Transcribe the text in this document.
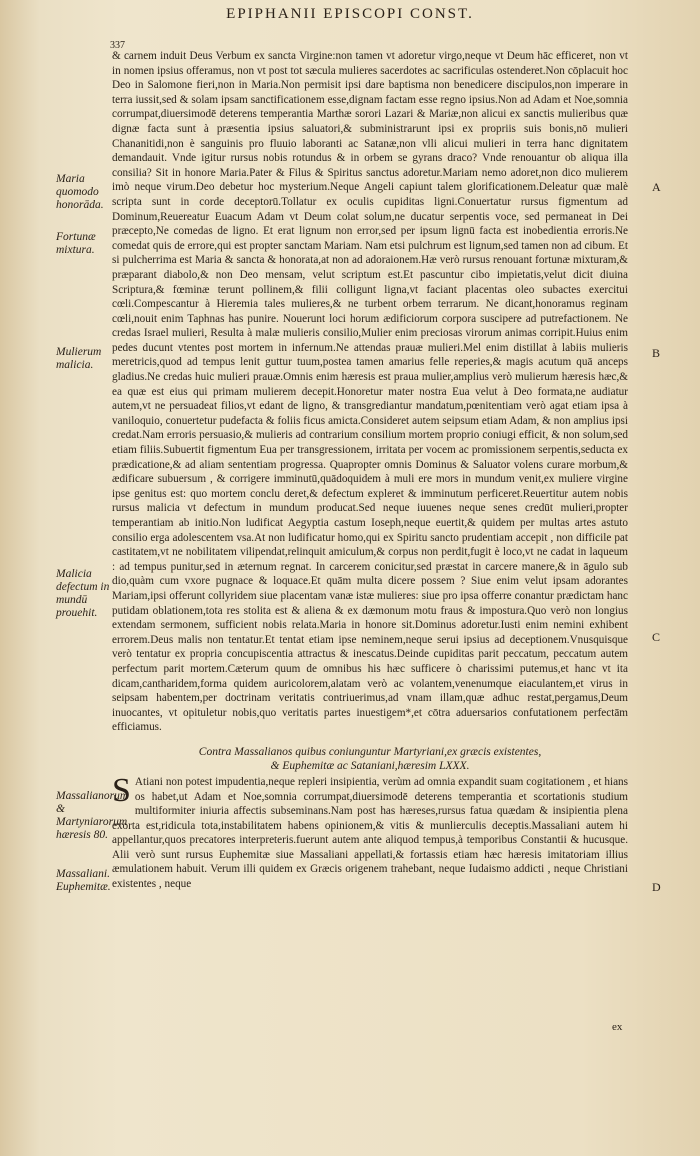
EPIPHANII EPISCOPI CONST.
337
Maria quomodo honorāda.
Fortunæ mixtura.
Mulierum malicia.
Malicia defectum in mundū prouehit.
Massalianorum & Martyniarorum hæresis 80.
Massaliani. Euphemitæ.
A
B
C
D

& carnem induit Deus Verbum ex sancta Virgine:non tamen vt adoretur virgo,neque vt Deum hāc efficeret, non vt in nomen ipsius offeramus, non vt post tot sæcula mulieres sacerdotes ac sacrificulas ostenderet.Non cōplacuit hoc Deo in Salomone fieri,non in Maria.Non permisit ipsi dare baptisma non benedicere discipulos,non imperare in terra iussit,sed & solam ipsam sanctificationem esse,dignam factam esse regno ipsius.Non ad Adam et Noe,somnia corrumpat,diuersimodē deterens temperantia Marthæ sorori Lazari & Mariæ,non alicui ex sanctis mulieribus quæ dignæ facta sunt à præsentia ipsius saluatori,& subministrarunt ipsi ex propriis suis bonis,nō mulieri Chananitidi,non è sanguinis pro fluuio laboranti ac Satanæ,non vlli alicui mulieri in terra hanc dignitatem demandauit. Vnde igitur rursus nobis rotundus & in orbem se gyrans draco? Vnde renouantur ob aliqua illa consilia? Sit in honore Maria.Pater & Filus & Spiritus sanctus adoretur.Mariam nemo adoret,non dico mulierem imò neque virum.Deo debetur hoc mysterium.Neque Angeli capiunt talem glorificationem.Deleatur quæ malè scripta sunt in corde deceptorū.Tollatur ex oculis cupiditas ligni.Conuertatur rursus figmentum ad Dominum,Reuereatur Euacum Adam vt Deum colat solum,ne ducatur serpentis voce, sed permaneat in Dei præcepto,Ne comedas de ligno. Et erat lignum non error,sed per ipsum lignū facta est inobedientia erroris.Ne comedat quis de errore,qui est propter sanctam Mariam. Nam etsi pulchrum est lignum,sed tamen non ad cibum. Et si pulcherrima est Maria & sancta & honorata,at non ad adoraionem.Hæ verò rursus renouant fortunæ mixturam,& præparant diabolo,& non Deo mensam, velut scriptum est.Et pascuntur cibo impietatis,velut dicit diuina Scriptura,& fœminæ terunt pollinem,& filii colligunt ligna,vt faciant placentas oleo subactes exercitui cœli.Compescantur à Hieremia tales mulieres,& ne turbent orbem terrarum. Ne dicant,honoramus reginam cœli,nouit enim Taphnas has punire. Nouerunt loci horum ædificiorum corpora suscipere ad putrefactionem. Ne credas Israel mulieri, Resulta à malæ mulieris consilio,Mulier enim preciosas virorum animas corripit.Huius enim pedes ducunt vtentes post mortem in infernum.Ne attendas prauæ mulieri.Mel enim distillat à labiis mulieris meretricis,quod ad tempus lenit guttur tuum,postea tamen amarius felle reperies,& magis acutum quā anceps gladius.Ne credas huic mulieri prauæ.Omnis enim hæresis est praua mulier,amplius verò mulierum hæresis hæc,& ea quæ est eius qui primam mulierem decepit.Honoretur mater nostra Eua velut à Deo formata,ne audiatur autem,vt ne persuadeat filios,vt edant de ligno, & transgrediantur mandatum,pœnitentiam verò agat etiam ipsa à vaniloquio, conuertetur pudefacta & foliis ficus amicta.Consideret autem seipsum etiam Adam, & non amplius ipsi credat.Nam erroris persuasio,& mulieris ad contrarium consilium mortem proprio coniugi efficit, & non solum,sed etiam filiis.Subuertit figmentum Eua per transgressionem, irritata per vocem ac promissionem serpentis,seducta ex prædicatione,& ad aliam sententiam progressa. Quapropter omnis Dominus & Saluator volens curare morbum,& ædificare subuersum , & corrigere imminutū,quādoquidem à muli ere mors in mundum venit,ex muliere virgine ipse genitus est: quo mortem conclu deret,& defectum expleret & imminutum perficeret.Reuertitur autem nobis rursus malicia vt defectum in mundum producat.Sed neque iuuenes neque senes credūt mulieri,propter temperantiam ab initio.Non ludificat Aegyptia castum Ioseph,neque euertit,& quidem per multas artes astuto consilio erga adolescentem vsa.At non ludificatur homo,qui ex Spiritu sancto prudentiam accepit , non difficile pat castitatem,vt ne nobilitatem vilipendat,relinquit amiculum,& corpus non perdit,fugit è loco,vt ne cadat in laqueum : ad tempus punitur,sed in æternum regnat. In carcerem conicitur,sed præstat in carcere manere,& in āgulo sub dio,quàm cum vxore pugnace & loquace.Et quām multa dicere possem ? Siue enim velut ipsam adorantes Mariam,ipsi offerunt collyridem siue placentam vanæ istæ mulieres: siue pro ipsa offerre conantur prædictam hanc putidam oblationem,tota res stolita est & aliena & ex dæmonum motu fraus & impostura.Quo verò non longius extendam sermonem, sufficient nobis relata.Maria in honore sit.Dominus adoretur.Iusti enim nemini exhibent errorem.Deus malis non tentatur.Et tentat etiam ipse neminem,neque serui ipsius ad deceptionem.Vnusquisque verò tentatur ex propria concupiscentia attractus & inescatus.Deinde cupiditas parit peccatum, peccatum autem perfectum parit mortem.Cæterum quum de omnibus his hæc sufficere ò charissimi putemus,et hanc vt ita dicam,cantharidem,forma quidem auricolorem,alatam verò ac volantem,venenumque eiaculantem,et virus in seipsam habentem,per doctrinam veritatis contriuerimus,ad vnam illam,quæ adhuc restat,pergamus,Deum inuocantes, vt opituletur nobis,quo veritatis partes inuestigem*,et cōtra aduersarios confutationem perfectām efficiamus.

Contra Massalianos quibus coniunguntur Martyriani,ex græcis existentes,
& Euphemitæ ac Sataniani,hæresim LXXX.

S Atiani non potest impudentia,neque repleri insipientia, verùm ad omnia expandit suam cogitationem , et hians os habet,ut Adam et Noe,somnia corrumpat,diuersimodē deterens temperantia et scortationis studium multiformiter iniuria affectis subseminans.Nam post has hæreses,rursus fatua quædam & insipientia plena exorta est,ridicula tota,instabilitatem habens opinionem,& vitis & munlierculis deceptis.Massaliani autem hi appellantur,quos precatores interpreteris.fuerunt autem ante aliquod tempus,à temporibus Constantii & hucusque. Alii verò sunt rursus Euphemitæ siue Massaliani appellati,& fortassis etiam hæc hæresis imitatoriam illius æmulationem habuit. Verum illi quidem ex Græcis origenem trahebant, neque Iudaismo addicti , neque Christiani existentes , neque

ex
